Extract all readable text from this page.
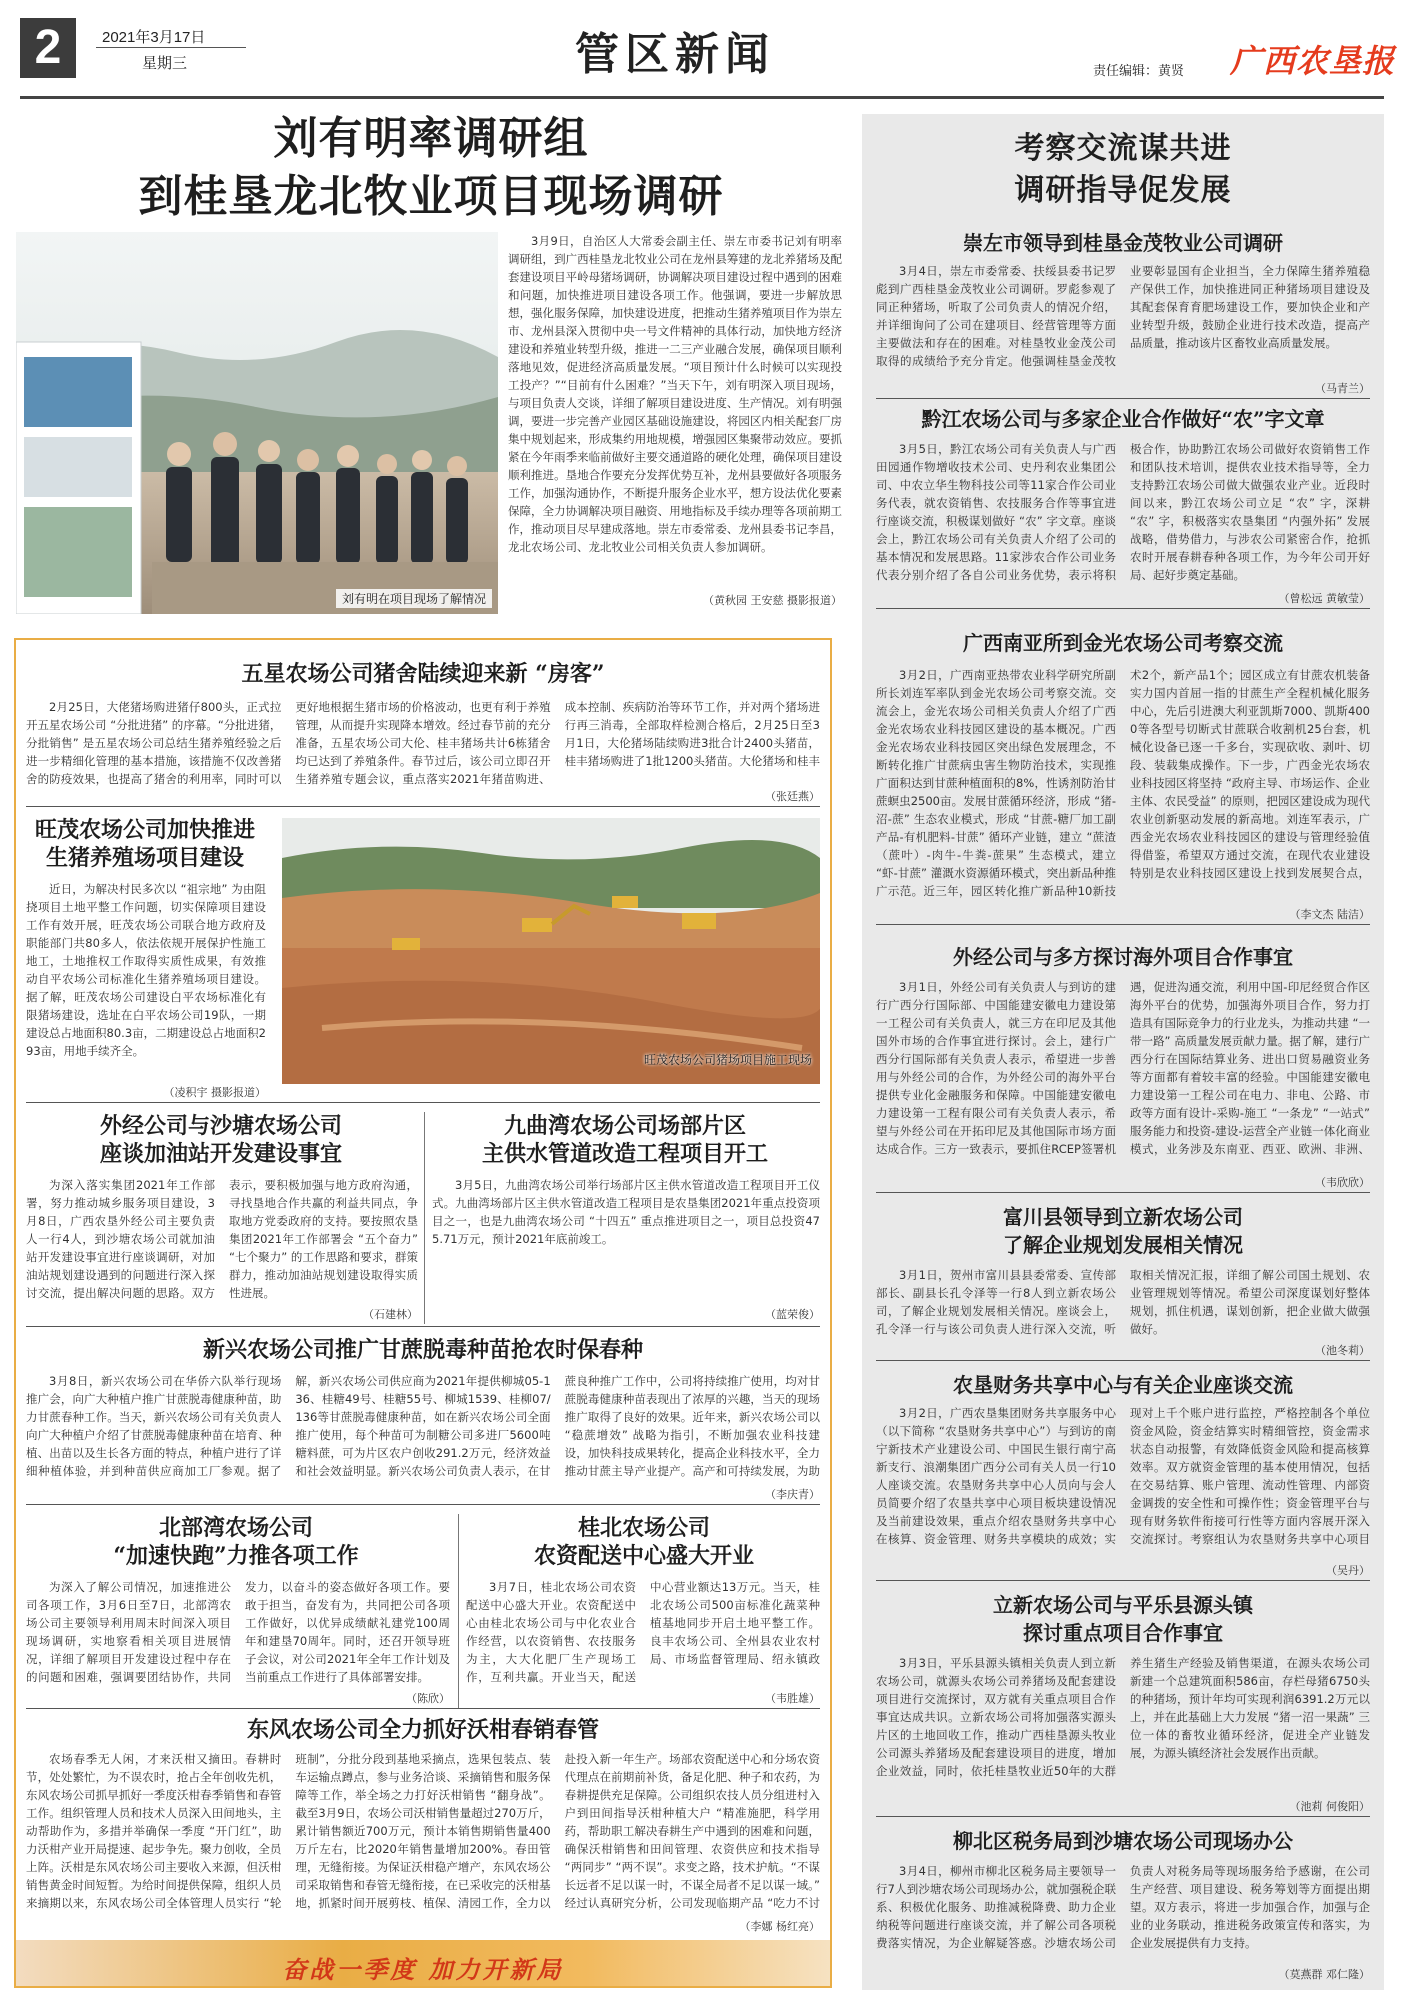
2	2021年3月17日
星期三	管区新闻	责任编辑：黄贤 广西农垦报
刘有明率调研组
到桂垦龙北牧业项目现场调研
刘有明在项目现场了解情况
3月9日，自治区人大常委会副主任、崇左市委书记刘有明率调研组，到广西桂垦龙北牧业公司在龙州县筹建的龙北养猪场及配套建设项目平岭母猪场调研，协调解决项目建设过程中遇到的困难和问题，加快推进项目建设各项工作。他强调，要进一步解放思想，强化服务保障，加快建设进度，把推动生猪养殖项目作为崇左市、龙州县深入贯彻中央一号文件精神的具体行动，加快地方经济建设和养殖业转型升级，推进一二三产业融合发展，确保项目顺利落地见效，促进经济高质量发展。“项目预计什么时候可以实现投工投产？”“目前有什么困难？”当天下午，刘有明深入项目现场，与项目负责人交谈，详细了解项目建设进度、生产情况。刘有明强调，要进一步完善产业园区基础设施建设，将园区内相关配套厂房集中规划起来，形成集约用地规模，增强园区集聚带动效应。要抓紧在今年雨季来临前做好主要交通道路的硬化处理，确保项目建设顺利推进。垦地合作要充分发挥优势互补，龙州县要做好各项服务工作，加强沟通协作，不断提升服务企业水平，想方设法优化要素保障，全力协调解决项目融资、用地指标及手续办理等各项前期工作，推动项目尽早建成落地。崇左市委常委、龙州县委书记李昌，龙北农场公司、龙北牧业公司相关负责人参加调研。
（黄秋园 王安慈 摄影报道）
五星农场公司猪舍陆续迎来新 “房客”
2月25日，大佬猪场购进猪仔800头，正式拉开五星农场公司 “分批进猪” 的序幕。“分批进猪，分批销售” 是五星农场公司总结生猪养殖经验之后进一步精细化管理的基本措施，该措施不仅改善猪舍的防疫效果，也提高了猪舍的利用率，同时可以更好地根据生猪市场的价格波动，也更有利于养殖管理，从而提升实现降本增效。经过春节前的充分准备，五星农场公司大伦、桂丰猪场共计6栋猪舍均已达到了养殖条件。春节过后，该公司立即召开生猪养殖专题会议，重点落实2021年猪苗购进、成本控制、疾病防治等环节工作，并对两个猪场进行再三消毒，全部取样检测合格后，2月25日至3月1日，大伦猪场陆续购进3批合计2400头猪苗，桂丰猪场购进了1批1200头猪苗。大伦猪场和桂丰
（张廷燕）
旺茂农场公司加快推进
生猪养殖场项目建设
近日，为解决村民多次以 “祖宗地” 为由阻挠项目土地平整工作问题，切实保障项目建设工作有效开展，旺茂农场公司联合地方政府及职能部门共80多人，依法依规开展保护性施工地工，土地推权工作取得实质性成果，有效推动自平农场公司标准化生猪养殖场项目建设。据了解，旺茂农场公司建设白平农场标准化有限猪场建设，选址在白平农场公司19队，一期建设总占地面积80.3亩，二期建设总占地面积293亩，用地手续齐全。
（凌积宇 摄影报道）
旺茂农场公司猪场项目施工现场
外经公司与沙塘农场公司
座谈加油站开发建设事宜
为深入落实集团2021年工作部署，努力推动城乡服务项目建设，3月8日，广西农垦外经公司主要负责人一行4人，到沙塘农场公司就加油站开发建设事宜进行座谈调研，对加油站规划建设遇到的问题进行深入探讨交流，提出解决问题的思路。双方表示，要积极加强与地方政府沟通，寻找垦地合作共赢的利益共同点，争取地方党委政府的支持。要按照农垦集团2021年工作部署会 “五个奋力” “七个聚力” 的工作思路和要求，群策群力，推动加油站规划建设取得实质性进展。
（石建林）
九曲湾农场公司场部片区
主供水管道改造工程项目开工
3月5日，九曲湾农场公司举行场部片区主供水管道改造工程项目开工仪式。九曲湾场部片区主供水管道改造工程项目是农垦集团2021年重点投资项目之一，也是九曲湾农场公司 “十四五” 重点推进项目之一，项目总投资475.71万元，预计2021年底前竣工。
（蓝荣俊）
新兴农场公司推广甘蔗脱毒种苗抢农时保春种
3月8日，新兴农场公司在华侨六队举行现场推广会，向广大种植户推广甘蔗脱毒健康种苗，助力甘蔗春种工作。当天，新兴农场公司有关负责人向广大种植户介绍了甘蔗脱毒健康种苗在培育、种植、出苗以及生长各方面的特点，种植户进行了详细种植体验，并到种苗供应商加工厂参观。据了解，新兴农场公司供应商为2021年提供柳城05-136、桂糖49号、桂糖55号、柳城1539、桂柳07/136等甘蔗脱毒健康种苗，如在新兴农场公司全面推广使用，每个种苗可为制糖公司多进厂5600吨糖料蔗，可为片区农户创收291.2万元，经济效益和社会效益明显。新兴农场公司负责人表示，在甘蔗良种推广工作中，公司将持续推广使用，均对甘蔗脱毒健康种苗表现出了浓厚的兴趣，当天的现场推广取得了良好的效果。近年来，新兴农场公司以 “稳蔗增效” 战略为指引，不断加强农业科技建设，加快科技成果转化，提高企业科技水平，全力推动甘蔗主导产业提产。高产和可持续发展，为助
（李庆青）
北部湾农场公司
“加速快跑”力推各项工作
为深入了解公司情况，加速推进公司各项工作，3月6日至7日，北部湾农场公司主要领导利用周末时间深入项目现场调研，实地察看相关项目进展情况，详细了解项目开发建设过程中存在的问题和困难，强调要团结协作，共同发力，以奋斗的姿态做好各项工作。要敢于担当，奋发有为，共同把公司各项工作做好，以优异成绩献礼建党100周年和建垦70周年。同时，还召开领导班子会议，对公司2021年全年工作计划及当前重点工作进行了具体部署安排。
（陈欣）
桂北农场公司
农资配送中心盛大开业
3月7日，桂北农场公司农资配送中心盛大开业。农资配送中心由桂北农场公司与中化农业合作经营，以农资销售、农技服务为主，大大化肥厂生产现场工作，互利共赢。开业当天，配送中心营业额达13万元。当天，桂北农场公司500亩标准化蔬菜种植基地同步开启土地平整工作。良丰农场公司、全州县农业农村局、市场监督管理局、绍永镇政
（韦胜雄）
东风农场公司全力抓好沃柑春销春管
农场春季无人闲，才来沃柑又摘田。春耕时节，处处繁忙，为不误农时，抢占全年创收先机，东风农场公司抓早抓好一季度沃柑春季销售和春管工作。组织管理人员和技术人员深入田间地头，主动帮助作为，多措并举确保一季度 “开门红”，助力沃柑产业开局提速、起步争先。聚力创收，全员上阵。沃柑是东风农场公司主要收入来源，但沃柑销售黄金时间短暂。为给时间提供保障，组织人员来摘期以来，东风农场公司全体管理人员实行 “轮班制”，分批分段到基地采摘点，选果包装点、装车运输点蹲点，参与业务洽谈、采摘销售和服务保障等工作，举全场之力打好沃柑销售 “翻身战”。截至3月9日，农场公司沃柑销售量超过270万斤，累计销售额近700万元，预计本销售期销售量400万斤左右，比2020年销售量增加200%。春田管理，无缝衔接。为保证沃柑稳产增产，东风农场公司采取销售和春管无缝衔接，在已采收完的沃柑基地，抓紧时间开展剪枝、植保、清园工作，全力以赴投入新一年生产。场部农资配送中心和分场农资代理点在前期前补货，备足化肥、种子和农药，为春耕提供充足保障。公司组织农技人员分组进村入户到田间指导沃柑种植大户 “精准施肥，科学用药，帮助职工解决春耕生产中遇到的困难和问题，确保沃柑销售和田间管理、农资供应和技术指导 “两同步” “两不误”。求变之路，技术护航。“不谋长远者不足以谋一时，不谋全局者不足以谋一域。” 经过认真研究分析，公司发现临期产品 “吃力不讨
（李娜 杨红亮）
奋战一季度 加力开新局
考察交流谋共进
调研指导促发展
崇左市领导到桂垦金茂牧业公司调研
3月4日，崇左市委常委、扶绥县委书记罗彪到广西桂垦金茂牧业公司调研。罗彪参观了同正种猪场，听取了公司负责人的情况介绍，并详细询问了公司在建项目、经营管理等方面主要做法和存在的困难。对桂垦牧业金茂公司取得的成绩给予充分肯定。他强调桂垦金茂牧业要彰显国有企业担当，全力保障生猪养殖稳产保供工作，加快推进同正种猪场项目建设及其配套保育育肥场建设工作，要加快企业和产业转型升级，鼓励企业进行技术改造，提高产品质量，推动该片区畜牧业高质量发展。
（马青兰）
黔江农场公司与多家企业合作做好“农”字文章
3月5日，黔江农场公司有关负责人与广西田园通作物增收技术公司、史丹利农业集团公司、中农立华生物科技公司等11家合作公司业务代表，就农资销售、农技服务合作等事宜进行座谈交流，积极谋划做好 “农” 字文章。座谈会上，黔江农场公司有关负责人介绍了公司的基本情况和发展思路。11家涉农合作公司业务代表分别介绍了各自公司业务优势，表示将积极合作，协助黔江农场公司做好农资销售工作和团队技术培训，提供农业技术指导等，全力支持黔江农场公司做大做强农业产业。近段时间以来，黔江农场公司立足 “农” 字，深耕 “农” 字，积极落实农垦集团 “内强外拓” 发展战略，借势借力，与涉农公司紧密合作，抢抓农时开展春耕春种各项工作，为今年公司开好局、起好步奠定基础。
（曾松远 黄敏莹）
广西南亚所到金光农场公司考察交流
3月2日，广西南亚热带农业科学研究所副所长刘连军率队到金光农场公司考察交流。交流会上，金光农场公司相关负责人介绍了广西金光农场农业科技园区建设的基本概况。广西金光农场农业科技园区突出绿色发展理念，不断转化推广甘蔗病虫害生物防治技术，实现推广面积达到甘蔗种植面积的8%，性诱剂防治甘蔗螟虫2500亩。发展甘蔗循环经济，形成 “猪-沼-蔗” 生态农业模式，形成 “甘蔗-糖厂加工副产品-有机肥料-甘蔗” 循环产业链，建立 “蔗渣（蔗叶）-肉牛-牛粪-蔗果” 生态模式，建立 “虾-甘蔗” 灌溉水资源循环模式，突出新品种推广示范。近三年，园区转化推广新品种10新技术2个，新产品1个；园区成立有甘蔗农机装备实力国内首屈一指的甘蔗生产全程机械化服务中心，先后引进澳大利亚凯斯7000、凯斯4000等各型号切断式甘蔗联合收割机25台套，机械化设备已逐一千多台，实现砍收、剥叶、切段、装载集成操作。下一步，广西金光农场农业科技园区将坚持 “政府主导、市场运作、企业主体、农民受益” 的原则，把园区建设成为现代农业创新驱动发展的新高地。刘连军表示，广西金光农场农业科技园区的建设与管理经验值得借鉴，希望双方通过交流，在现代农业建设特别是农业科技园区建设上找到发展契合点，
（李文杰 陆洁）
外经公司与多方探讨海外项目合作事宜
3月1日，外经公司有关负责人与到访的建行广西分行国际部、中国能建安徽电力建设第一工程公司有关负责人，就三方在印尼及其他国外市场的合作事宜进行探讨。会上，建行广西分行国际部有关负责人表示，希望进一步善用与外经公司的合作，为外经公司的海外平台提供专业化金融服务和保障。中国能建安徽电力建设第一工程有限公司有关负责人表示，希望与外经公司在开拓印尼及其他国际市场方面达成合作。三方一致表示，要抓住RCEP签署机遇，促进沟通交流，利用中国-印尼经贸合作区海外平台的优势，加强海外项目合作，努力打造具有国际竞争力的行业龙头，为推动共建 “一带一路” 高质量发展贡献力量。据了解，建行广西分行在国际结算业务、进出口贸易融资业务等方面都有着较丰富的经验。中国能建安徽电力建设第一工程公司在电力、非电、公路、市政等方面有设计-采购-施工 “一条龙” “一站式” 服务能力和投资-建设-运营全产业链一体化商业模式，业务涉及东南亚、西亚、欧洲、非洲、
（韦欣欣）
富川县领导到立新农场公司
了解企业规划发展相关情况
3月1日，贺州市富川县县委常委、宣传部部长、副县长孔令泽等一行8人到立新农场公司，了解企业规划发展相关情况。座谈会上，孔令泽一行与该公司负责人进行深入交流，听取相关情况汇报，详细了解公司国土规划、农业管理规划等情况。希望公司深度谋划好整体规划，抓住机遇，谋划创新，把企业做大做强做好。
（池冬莉）
农垦财务共享中心与有关企业座谈交流
3月2日，广西农垦集团财务共享服务中心（以下简称 “农垦财务共享中心”）与到访的南宁新技术产业建设公司、中国民生银行南宁高新支行、浪潮集团广西分公司有关人员一行10人座谈交流。农垦财务共享中心人员向与会人员简要介绍了农垦共享中心项目板块建设情况及当前建设效果，重点介绍农垦财务共享中心在核算、资金管理、财务共享模块的成效；实现对上千个账户进行监控，严格控制各个单位资金风险，资金结算实时精细管控，资金需求状态自动报警，有效降低资金风险和提高核算效率。双方就资金管理的基本使用情况，包括在交易结算、账户管理、流动性管理、内部资金调拨的安全性和可操作性；资金管理平台与现有财务软件衔接可行性等方面内容展开深入交流探讨。考察组认为农垦财务共享中心项目
（吴丹）
立新农场公司与平乐县源头镇
探讨重点项目合作事宜
3月3日，平乐县源头镇相关负责人到立新农场公司，就源头农场公司养猪场及配套建设项目进行交流探讨，双方就有关重点项目合作事宜达成共识。立新农场公司将加强落实源头片区的土地回收工作，推动广西桂垦源头牧业公司源头养猪场及配套建设项目的进度，增加企业效益，同时，依托桂垦牧业近50年的大群养生猪生产经验及销售渠道，在源头农场公司新建一个总建筑面积586亩，存栏母猪6750头的种猪场，预计年均可实现利润6391.2万元以上，并在此基础上大力发展 “猪一沼一果蔬” 三位一体的畜牧业循环经济，促进全产业链发展，为源头镇经济社会发展作出贡献。
（池莉 何俊阳）
柳北区税务局到沙塘农场公司现场办公
3月4日，柳州市柳北区税务局主要领导一行7人到沙塘农场公司现场办公，就加强税企联系、积极优化服务、助推减税降费、助力企业纳税等问题进行座谈交流，并了解公司各项税费落实情况，为企业解疑答惑。沙塘农场公司负责人对税务局等现场服务给予感谢，在公司生产经营、项目建设、税务筹划等方面提出期望。双方表示，将进一步加强合作，加强与企业的业务联动，推进税务政策宣传和落实，为企业发展提供有力支持。
（莫燕群 邓仁隆）
